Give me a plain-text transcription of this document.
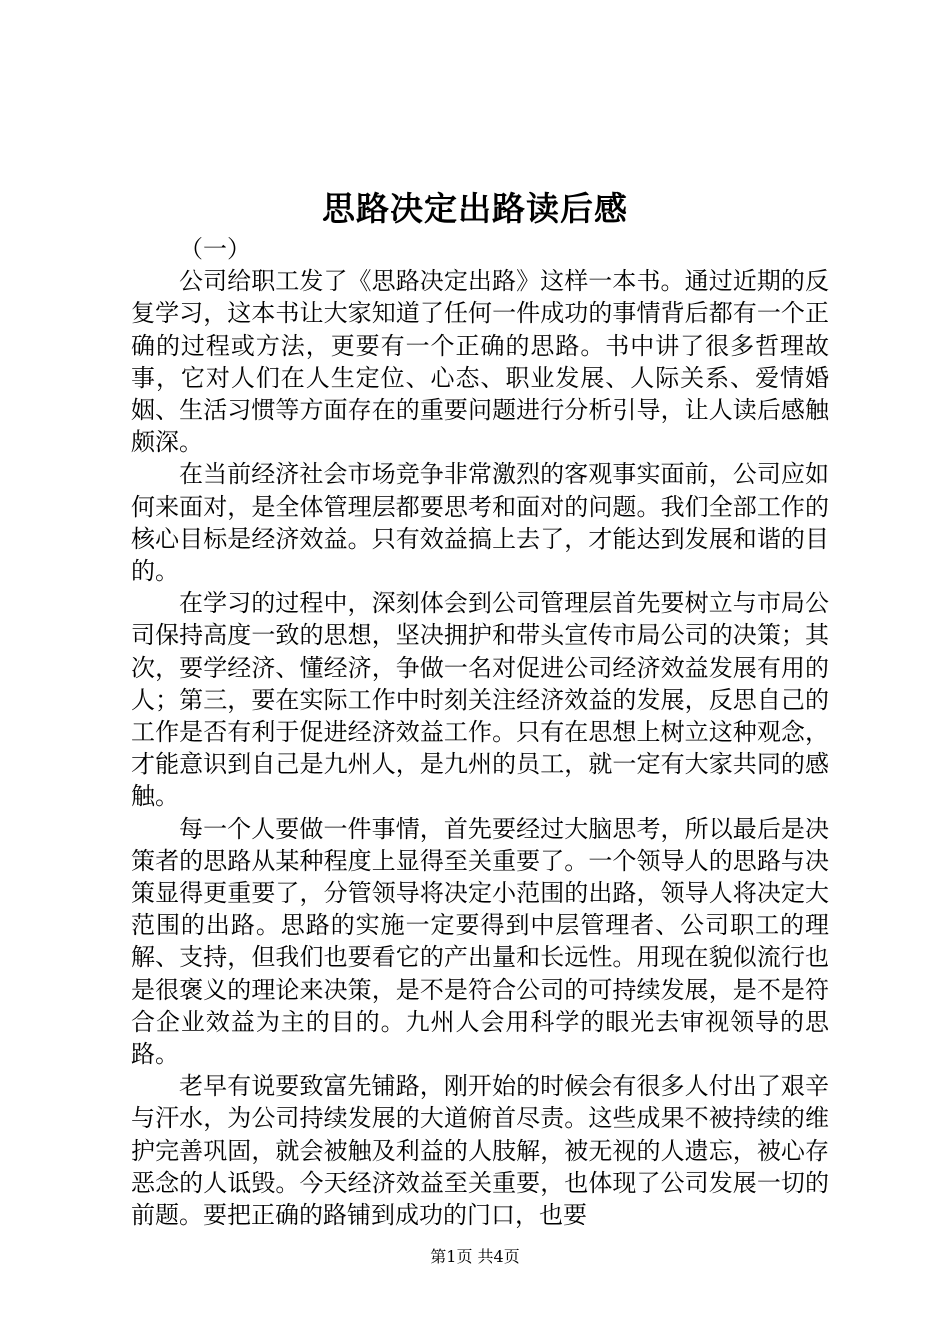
思路决定出路读后感

（一）

公司给职工发了《思路决定出路》这样一本书。通过近期的反复学习，这本书让大家知道了任何一件成功的事情背后都有一个正确的过程或方法，更要有一个正确的思路。书中讲了很多哲理故事，它对人们在人生定位、心态、职业发展、人际关系、爱情婚姻、生活习惯等方面存在的重要问题进行分析引导，让人读后感触颇深。

在当前经济社会市场竞争非常激烈的客观事实面前，公司应如何来面对，是全体管理层都要思考和面对的问题。我们全部工作的核心目标是经济效益。只有效益搞上去了，才能达到发展和谐的目的。

在学习的过程中，深刻体会到公司管理层首先要树立与市局公司保持高度一致的思想，坚决拥护和带头宣传市局公司的决策；其次，要学经济、懂经济，争做一名对促进公司经济效益发展有用的人；第三，要在实际工作中时刻关注经济效益的发展，反思自己的工作是否有利于促进经济效益工作。只有在思想上树立这种观念，才能意识到自己是九州人，是九州的员工，就一定有大家共同的感触。

每一个人要做一件事情，首先要经过大脑思考，所以最后是决策者的思路从某种程度上显得至关重要了。一个领导人的思路与决策显得更重要了，分管领导将决定小范围的出路，领导人将决定大范围的出路。思路的实施一定要得到中层管理者、公司职工的理解、支持，但我们也要看它的产出量和长远性。用现在貌似流行也是很褒义的理论来决策，是不是符合公司的可持续发展，是不是符合企业效益为主的目的。九州人会用科学的眼光去审视领导的思路。

老早有说要致富先铺路，刚开始的时候会有很多人付出了艰辛与汗水，为公司持续发展的大道俯首尽责。这些成果不被持续的维护完善巩固，就会被触及利益的人肢解，被无视的人遗忘，被心存恶念的人诋毁。今天经济效益至关重要，也体现了公司发展一切的前题。要把正确的路铺到成功的门口，也要

第1页 共4页
